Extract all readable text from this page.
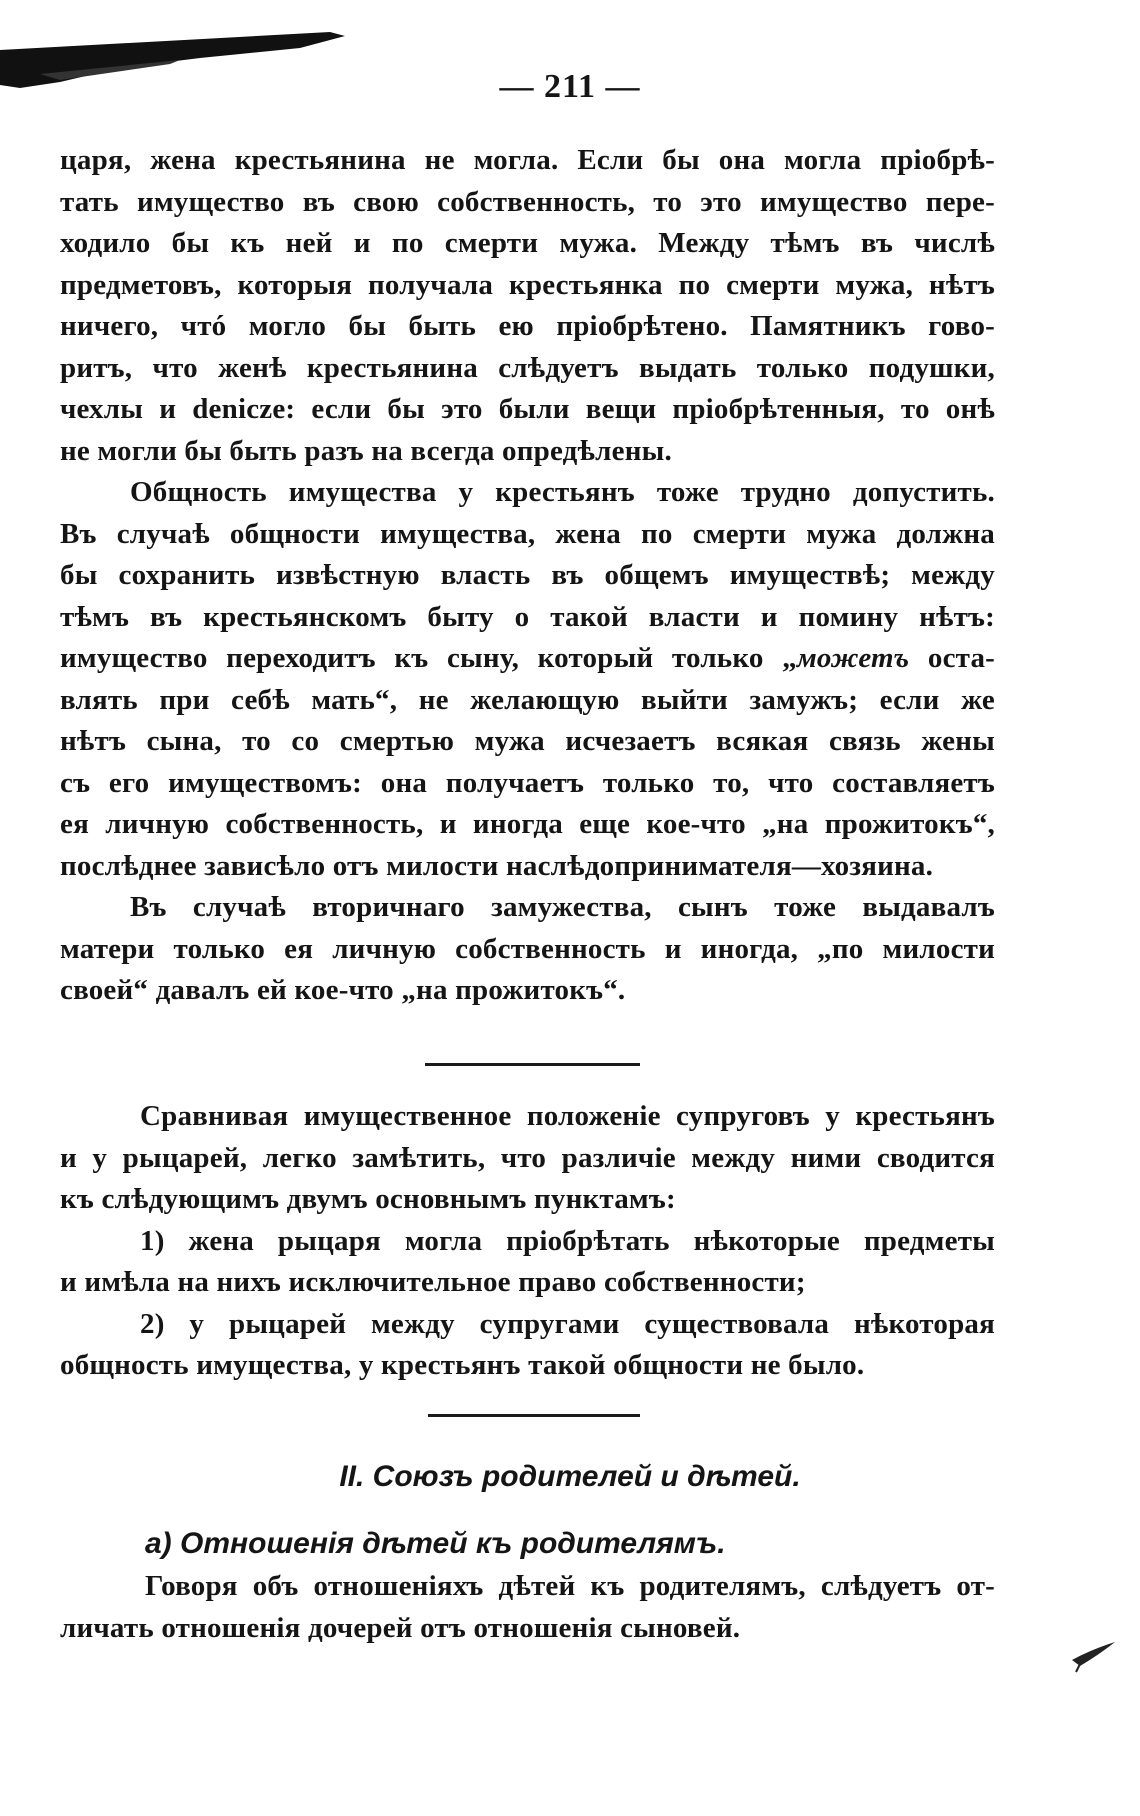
— 211 —

царя, жена крестьянина не могла. Если бы она могла пріобрѣ-
тать имущество въ свою собственность, то это имущество пере-
ходило бы къ ней и по смерти мужа. Между тѣмъ въ числѣ
предметовъ, которыя получала крестьянка по смерти мужа, нѣтъ
ничего, чтó могло бы быть ею пріобрѣтено. Памятникъ гово-
ритъ, что женѣ крестьянина слѣдуетъ выдать только подушки,
чехлы и denicze: если бы это были вещи пріобрѣтенныя, то онѣ
не могли бы быть разъ на всегда опредѣлены.

Общность имущества у крестьянъ тоже трудно допустить.
Въ случаѣ общности имущества, жена по смерти мужа должна
бы сохранить извѣстную власть въ общемъ имуществѣ; между
тѣмъ въ крестьянскомъ быту о такой власти и помину нѣтъ:
имущество переходитъ къ сыну, который только „можетъ оста-
влять при себѣ мать“, не желающую выйти замужъ; если же
нѣтъ сына, то со смертью мужа исчезаетъ всякая связь жены
съ его имуществомъ: она получаетъ только то, что составляетъ
ея личную собственность, и иногда еще кое-что „на прожитокъ“,
послѣднее зависѣло отъ милости наслѣдопринимателя—хозяина.

Въ случаѣ вторичнаго замужества, сынъ тоже выдавалъ
матери только ея личную собственность и иногда, „по милости
своей“ давалъ ей кое-что „на прожитокъ“.

Сравнивая имущественное положеніе супруговъ у крестьянъ
и у рыцарей, легко замѣтить, что различіе между ними сводится
къ слѣдующимъ двумъ основнымъ пунктамъ:

1) жена рыцаря могла пріобрѣтать нѣкоторые предметы
и имѣла на нихъ исключительное право собственности;

2) у рыцарей между супругами существовала нѣкоторая
общность имущества, у крестьянъ такой общности не было.

II. Союзъ родителей и дѣтей.
а) Отношенія дѣтей къ родителямъ.

Говоря объ отношеніяхъ дѣтей къ родителямъ, слѣдуетъ от-
личать отношенія дочерей отъ отношенія сыновей.
